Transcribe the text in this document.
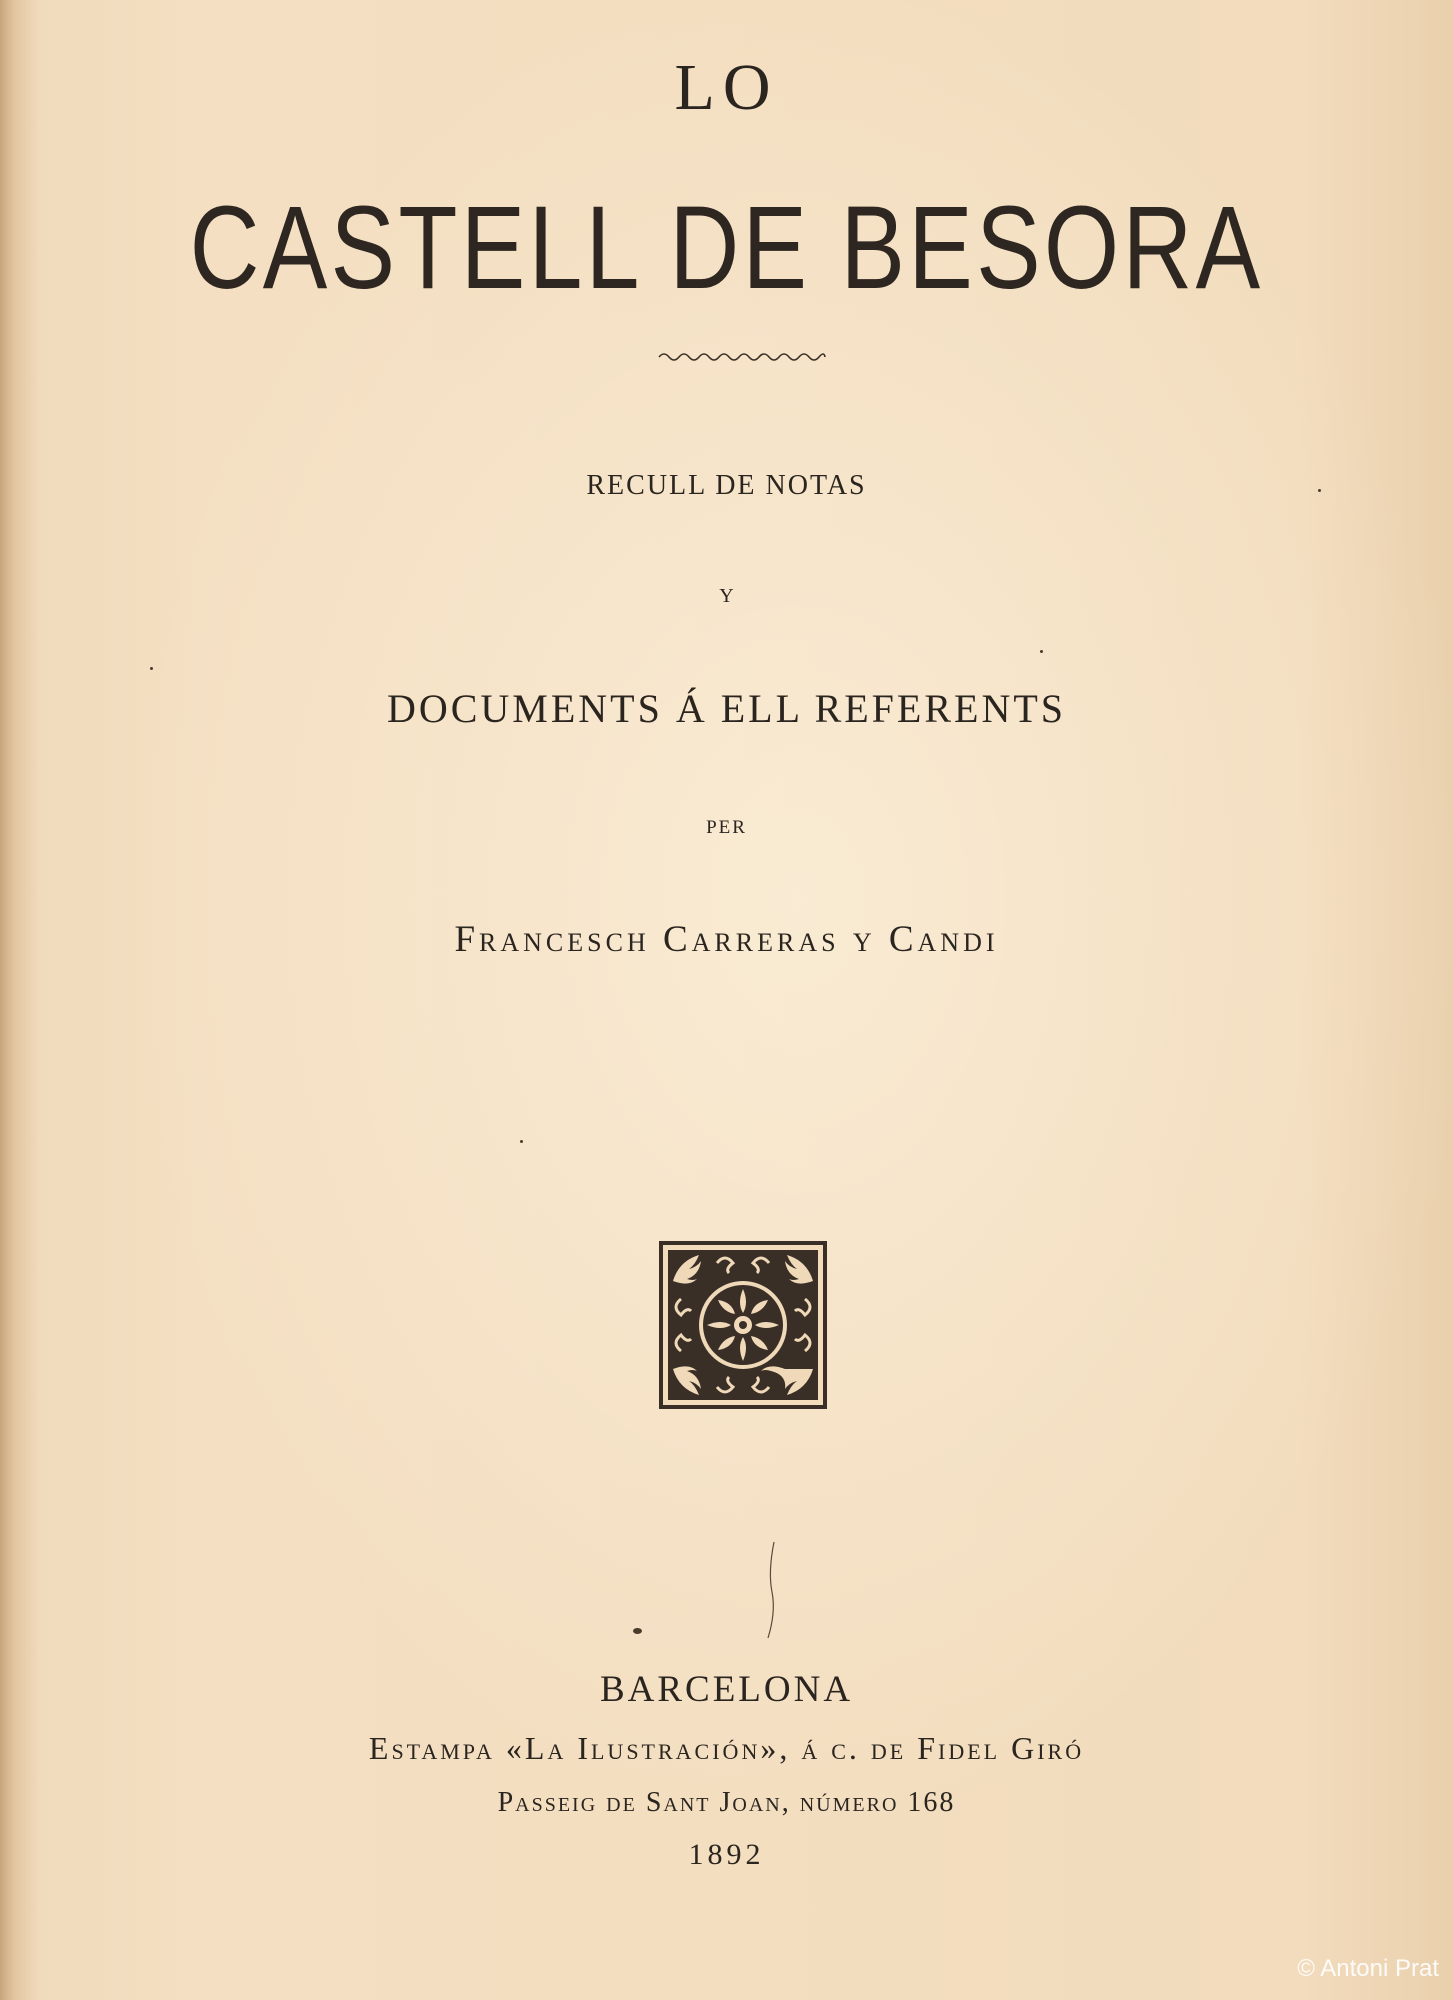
LO
CASTELL DE BESORA
RECULL DE NOTAS
Y
DOCUMENTS Á ELL REFERENTS
PER
Francesch Carreras y Candi
BARCELONA
Estampa «La Ilustración», á c. de Fidel Giró
Passeig de Sant Joan, número 168
1892
© Antoni Prat
